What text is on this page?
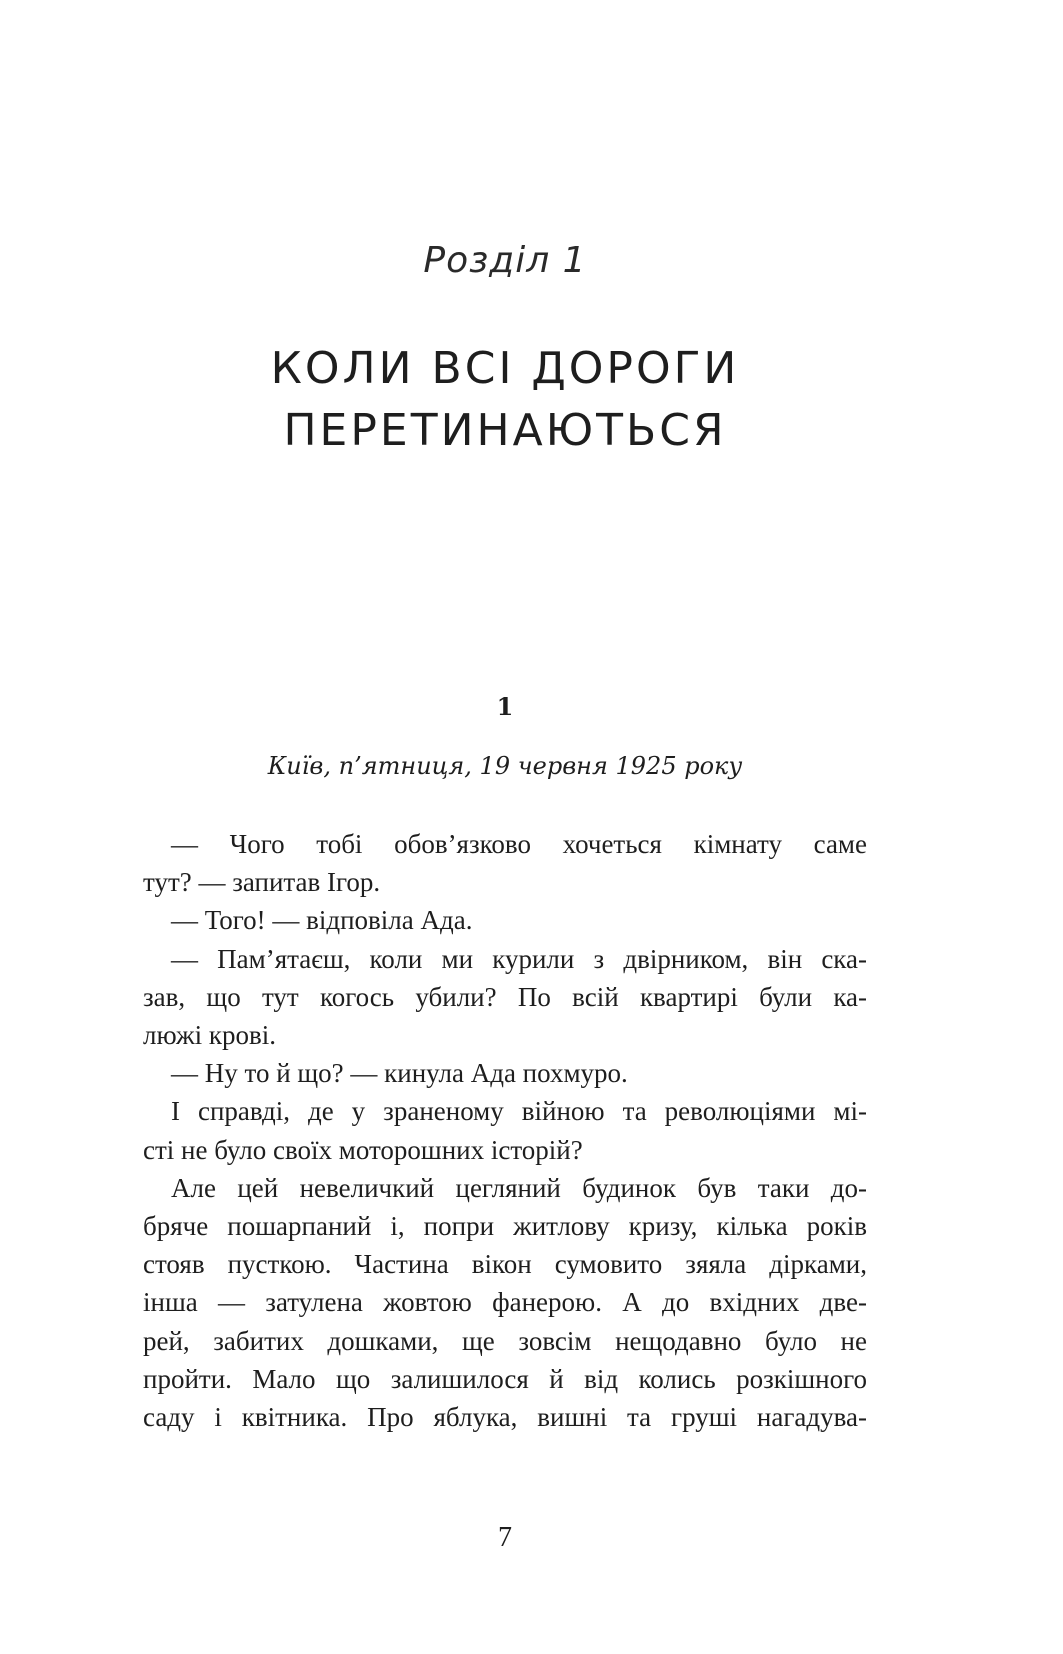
Розділ 1
КОЛИ ВСІ ДОРОГИ
ПЕРЕТИНАЮТЬСЯ
1
Київ, п’ятниця, 19 червня 1925 року
— Чого тобі обов’язково хочеться кімнату саме
тут? — запитав Ігор.
— Того! — відповіла Ада.
— Пам’ятаєш, коли ми курили з двірником, він ска-
зав, що тут когось убили? По всій квартирі були ка-
люжі крові.
— Ну то й що? — кинула Ада похмуро.
І справді, де у зраненому війною та революціями мі-
сті не було своїх моторошних історій?
Але цей невеличкий цегляний будинок був таки до-
бряче пошарпаний і, попри житлову кризу, кілька років
стояв пусткою. Частина вікон сумовито зяяла дірками,
інша — затулена жовтою фанерою. А до вхідних две-
рей, забитих дошками, ще зовсім нещодавно було не
пройти. Мало що залишилося й від колись розкішного
саду і квітника. Про яблука, вишні та груші нагадува-
7
